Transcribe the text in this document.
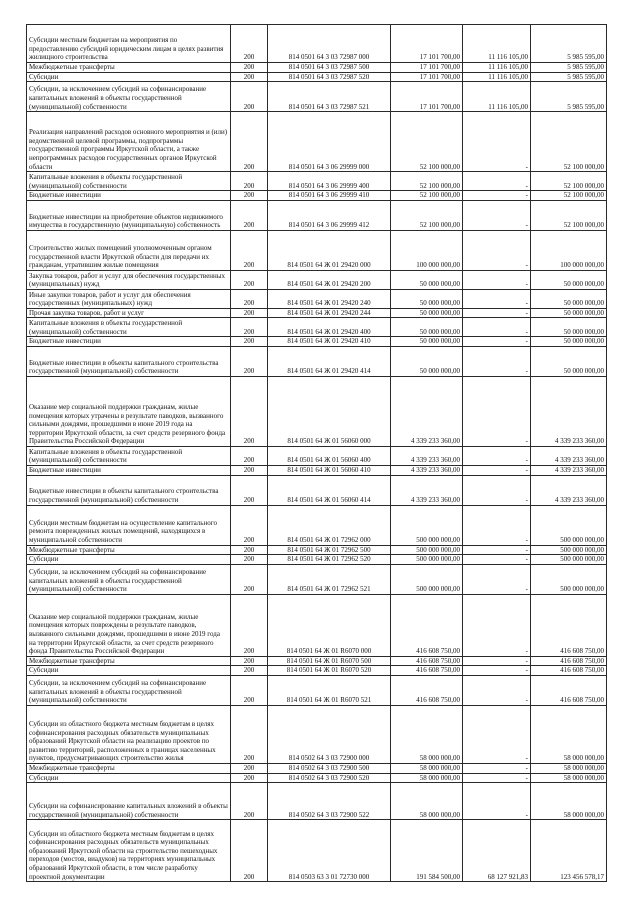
Субсидии местным бюджетам на мероприятия по предоставлению субсидий юридическим лицам в целях развития жилищного строительства	200	814 0501 64 3 03 72987 000	17 101 700,00	11 116 105,00	5 985 595,00
Межбюджетные трансферты	200	814 0501 64 3 03 72987 500	17 101 700,00	11 116 105,00	5 985 595,00
Субсидии	200	814 0501 64 3 03 72987 520	17 101 700,00	11 116 105,00	5 985 595,00
Субсидии, за исключением субсидий на софинансирование капитальных вложений в объекты государственной (муниципальной) собственности	200	814 0501 64 3 03 72987 521	17 101 700,00	11 116 105,00	5 985 595,00
Реализация направлений расходов основного мероприятия и (или) ведомственной целевой программы, подпрограммы государственной программы Иркутской области, а также непрограммных расходов государственных органов Иркутской области	200	814 0501 64 3 06 29999 000	52 100 000,00	-	52 100 000,00
Капитальные вложения в объекты государственной (муниципальной) собственности	200	814 0501 64 3 06 29999 400	52 100 000,00	-	52 100 000,00
Бюджетные инвестиции	200	814 0501 64 3 06 29999 410	52 100 000,00	-	52 100 000,00
Бюджетные инвестиции на приобретение объектов недвижимого имущества в государственную (муниципальную) собственность	200	814 0501 64 3 06 29999 412	52 100 000,00	-	52 100 000,00
Строительство жилых помещений уполномоченным органом государственной власти Иркутской области для передачи их гражданам, утратившим жилые помещения	200	814 0501 64 Ж 01 29420 000	100 000 000,00	-	100 000 000,00
Закупка товаров, работ и услуг для обеспечения государственных (муниципальных) нужд	200	814 0501 64 Ж 01 29420 200	50 000 000,00	-	50 000 000,00
Иные закупки товаров, работ и услуг для обеспечения государственных (муниципальных) нужд	200	814 0501 64 Ж 01 29420 240	50 000 000,00	-	50 000 000,00
Прочая закупка товаров, работ и услуг	200	814 0501 64 Ж 01 29420 244	50 000 000,00	-	50 000 000,00
Капитальные вложения в объекты государственной (муниципальной) собственности	200	814 0501 64 Ж 01 29420 400	50 000 000,00	-	50 000 000,00
Бюджетные инвестиции	200	814 0501 64 Ж 01 29420 410	50 000 000,00	-	50 000 000,00
Бюджетные инвестиции в объекты капитального строительства государственной (муниципальной) собственности	200	814 0501 64 Ж 01 29420 414	50 000 000,00	-	50 000 000,00
Оказание мер социальной поддержки гражданам, жилые помещения которых утрачены в результате паводков, вызванного сильными дождями, прошедшими в июне 2019 года на территории Иркутской области, за счет средств резервного фонда Правительства Российской Федерации	200	814 0501 64 Ж 01 56060 000	4 339 233 360,00	-	4 339 233 360,00
Капитальные вложения в объекты государственной (муниципальной) собственности	200	814 0501 64 Ж 01 56060 400	4 339 233 360,00	-	4 339 233 360,00
Бюджетные инвестиции	200	814 0501 64 Ж 01 56060 410	4 339 233 360,00	-	4 339 233 360,00
Бюджетные инвестиции в объекты капитального строительства государственной (муниципальной) собственности	200	814 0501 64 Ж 01 56060 414	4 339 233 360,00	-	4 339 233 360,00
Субсидии местным бюджетам на осуществление капитального ремонта поврежденных жилых помещений, находящихся в муниципальной собственности	200	814 0501 64 Ж 01 72962 000	500 000 000,00	-	500 000 000,00
Межбюджетные трансферты	200	814 0501 64 Ж 01 72962 500	500 000 000,00	-	500 000 000,00
Субсидии	200	814 0501 64 Ж 01 72962 520	500 000 000,00	-	500 000 000,00
Субсидии, за исключением субсидий на софинансирование капитальных вложений в объекты государственной (муниципальной) собственности	200	814 0501 64 Ж 01 72962 521	500 000 000,00	-	500 000 000,00
Оказание мер социальной поддержки гражданам, жилые помещения которых повреждены в результате паводков, вызванного сильными дождями, прошедшими в июне 2019 года на территории Иркутской области, за счет средств резервного фонда Правительства Российской Федерации	200	814 0501 64 Ж 01 R6070 000	416 608 750,00	-	416 608 750,00
Межбюджетные трансферты	200	814 0501 64 Ж 01 R6070 500	416 608 750,00	-	416 608 750,00
Субсидии	200	814 0501 64 Ж 01 R6070 520	416 608 750,00	-	416 608 750,00
Субсидии, за исключением субсидий на софинансирование капитальных вложений в объекты государственной (муниципальной) собственности	200	814 0501 64 Ж 01 R6070 521	416 608 750,00	-	416 608 750,00
Субсидии из областного бюджета местным бюджетам в целях софинансирования расходных обязательств муниципальных образований Иркутской области на реализацию проектов по развитию территорий, расположенных в границах населенных пунктов, предусматривающих строительство жилья	200	814 0502 64 3 03 72900 000	58 000 000,00	-	58 000 000,00
Межбюджетные трансферты	200	814 0502 64 3 03 72900 500	58 000 000,00	-	58 000 000,00
Субсидии	200	814 0502 64 3 03 72900 520	58 000 000,00	-	58 000 000,00
Субсидии на софинансирование капитальных вложений в объекты государственной (муниципальной) собственности	200	814 0502 64 3 03 72900 522	58 000 000,00	-	58 000 000,00
Субсидии из областного бюджета местным бюджетам в целях софинансирования расходных обязательств муниципальных образований Иркутской области на строительство пешеходных переходов (мостов, виадуков) на территориях муниципальных образований Иркутской области, в том числе разработку проектной документации	200	814 0503 63 3 01 72730 000	191 584 500,00	68 127 921,83	123 456 578,17
